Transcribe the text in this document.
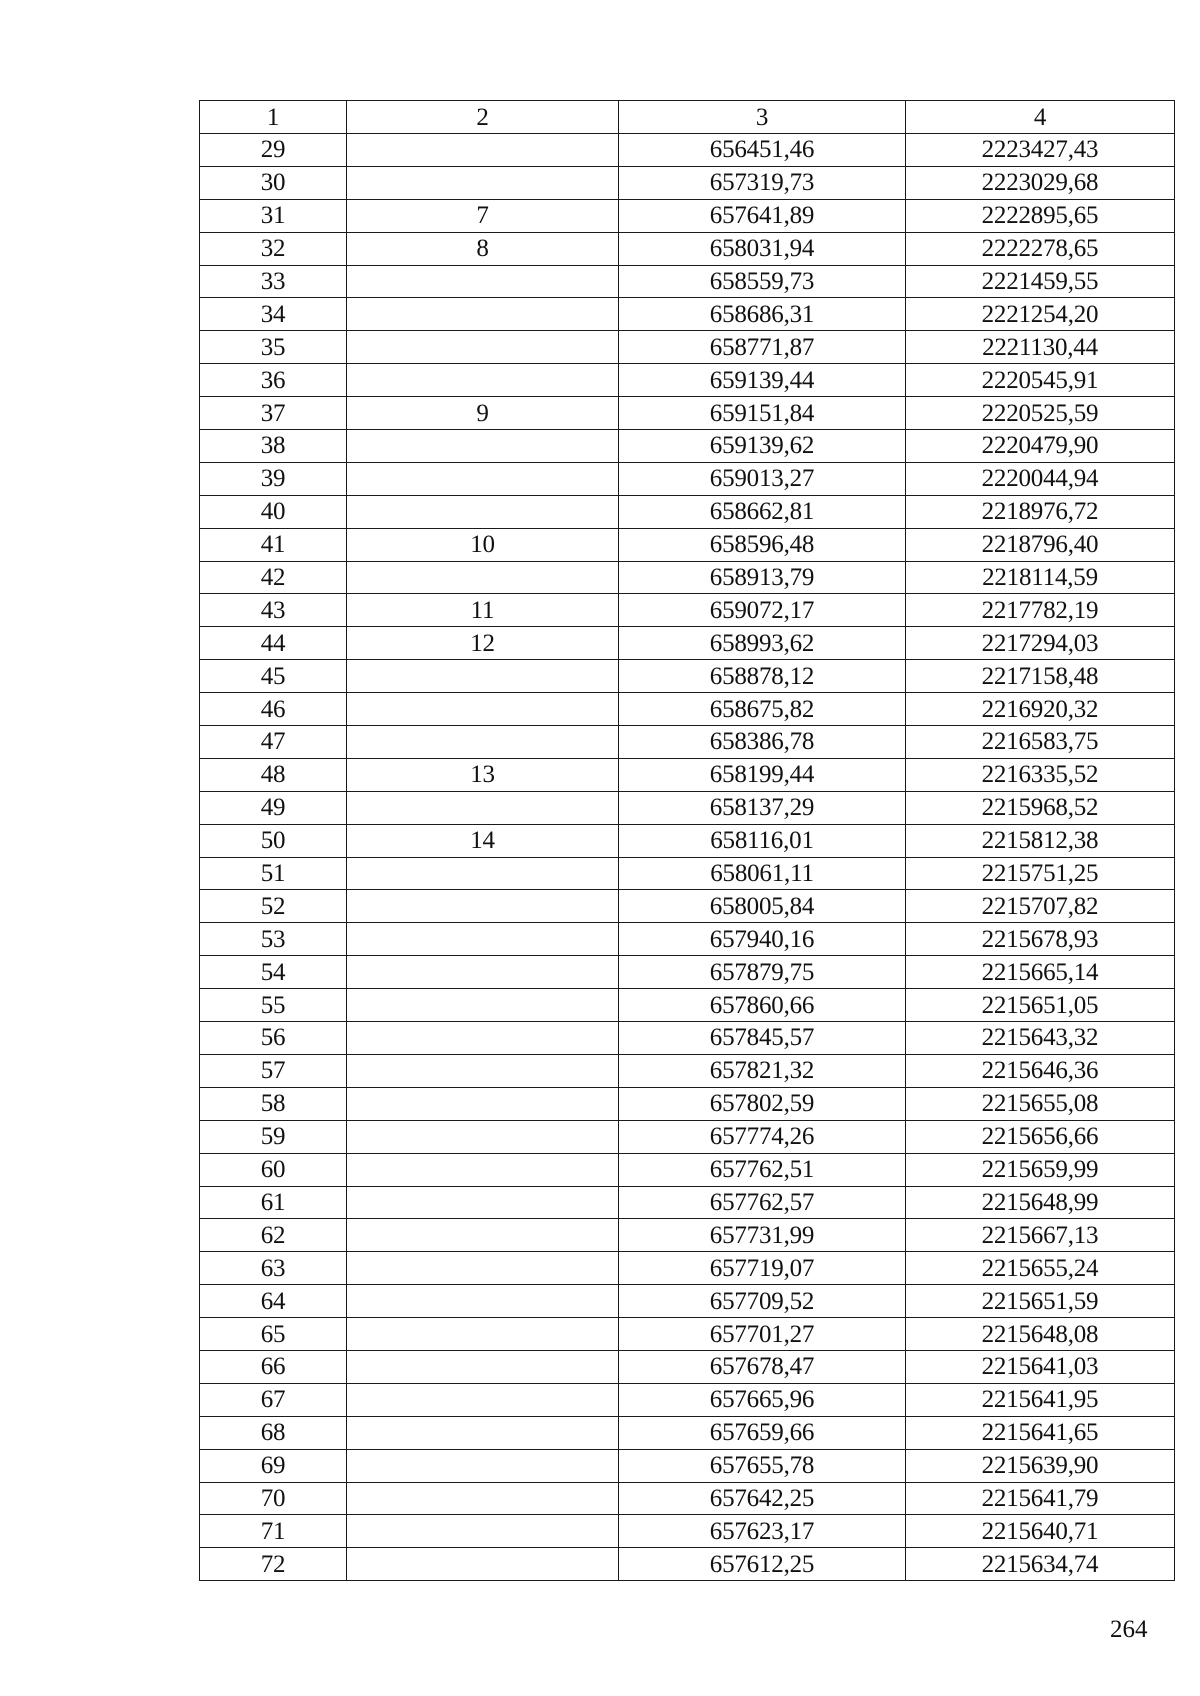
1	2	3	4
29		656451,46	2223427,43
30		657319,73	2223029,68
31	7	657641,89	2222895,65
32	8	658031,94	2222278,65
33		658559,73	2221459,55
34		658686,31	2221254,20
35		658771,87	2221130,44
36		659139,44	2220545,91
37	9	659151,84	2220525,59
38		659139,62	2220479,90
39		659013,27	2220044,94
40		658662,81	2218976,72
41	10	658596,48	2218796,40
42		658913,79	2218114,59
43	11	659072,17	2217782,19
44	12	658993,62	2217294,03
45		658878,12	2217158,48
46		658675,82	2216920,32
47		658386,78	2216583,75
48	13	658199,44	2216335,52
49		658137,29	2215968,52
50	14	658116,01	2215812,38
51		658061,11	2215751,25
52		658005,84	2215707,82
53		657940,16	2215678,93
54		657879,75	2215665,14
55		657860,66	2215651,05
56		657845,57	2215643,32
57		657821,32	2215646,36
58		657802,59	2215655,08
59		657774,26	2215656,66
60		657762,51	2215659,99
61		657762,57	2215648,99
62		657731,99	2215667,13
63		657719,07	2215655,24
64		657709,52	2215651,59
65		657701,27	2215648,08
66		657678,47	2215641,03
67		657665,96	2215641,95
68		657659,66	2215641,65
69		657655,78	2215639,90
70		657642,25	2215641,79
71		657623,17	2215640,71
72		657612,25	2215634,74
264
